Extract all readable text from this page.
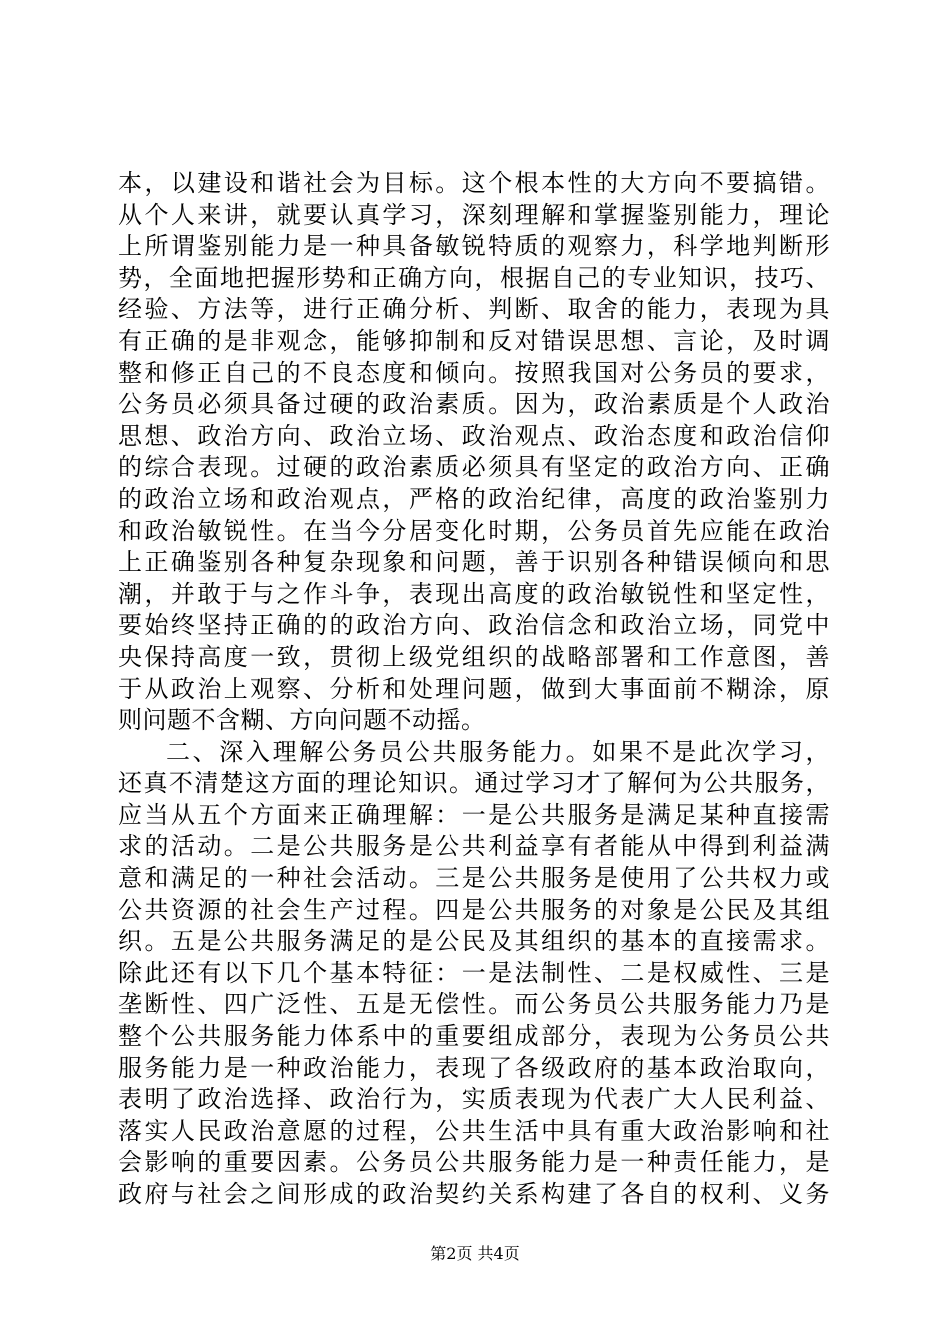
本，以建设和谐社会为目标。这个根本性的大方向不要搞错。
从个人来讲，就要认真学习，深刻理解和掌握鉴别能力，理论
上所谓鉴别能力是一种具备敏锐特质的观察力，科学地判断形
势，全面地把握形势和正确方向，根据自己的专业知识，技巧、
经验、方法等，进行正确分析、判断、取舍的能力，表现为具
有正确的是非观念，能够抑制和反对错误思想、言论，及时调
整和修正自己的不良态度和倾向。按照我国对公务员的要求，
公务员必须具备过硬的政治素质。因为，政治素质是个人政治
思想、政治方向、政治立场、政治观点、政治态度和政治信仰
的综合表现。过硬的政治素质必须具有坚定的政治方向、正确
的政治立场和政治观点，严格的政治纪律，高度的政治鉴别力
和政治敏锐性。在当今分居变化时期，公务员首先应能在政治
上正确鉴别各种复杂现象和问题，善于识别各种错误倾向和思
潮，并敢于与之作斗争，表现出高度的政治敏锐性和坚定性，
要始终坚持正确的的政治方向、政治信念和政治立场，同党中
央保持高度一致，贯彻上级党组织的战略部署和工作意图，善
于从政治上观察、分析和处理问题，做到大事面前不糊涂，原
则问题不含糊、方向问题不动摇。
二、深入理解公务员公共服务能力。如果不是此次学习，
还真不清楚这方面的理论知识。通过学习才了解何为公共服务，
应当从五个方面来正确理解：一是公共服务是满足某种直接需
求的活动。二是公共服务是公共利益享有者能从中得到利益满
意和满足的一种社会活动。三是公共服务是使用了公共权力或
公共资源的社会生产过程。四是公共服务的对象是公民及其组
织。五是公共服务满足的是公民及其组织的基本的直接需求。
除此还有以下几个基本特征：一是法制性、二是权威性、三是
垄断性、四广泛性、五是无偿性。而公务员公共服务能力乃是
整个公共服务能力体系中的重要组成部分，表现为公务员公共
服务能力是一种政治能力，表现了各级政府的基本政治取向，
表明了政治选择、政治行为，实质表现为代表广大人民利益、
落实人民政治意愿的过程，公共生活中具有重大政治影响和社
会影响的重要因素。公务员公共服务能力是一种责任能力，是
政府与社会之间形成的政治契约关系构建了各自的权利、义务
第2页 共4页
